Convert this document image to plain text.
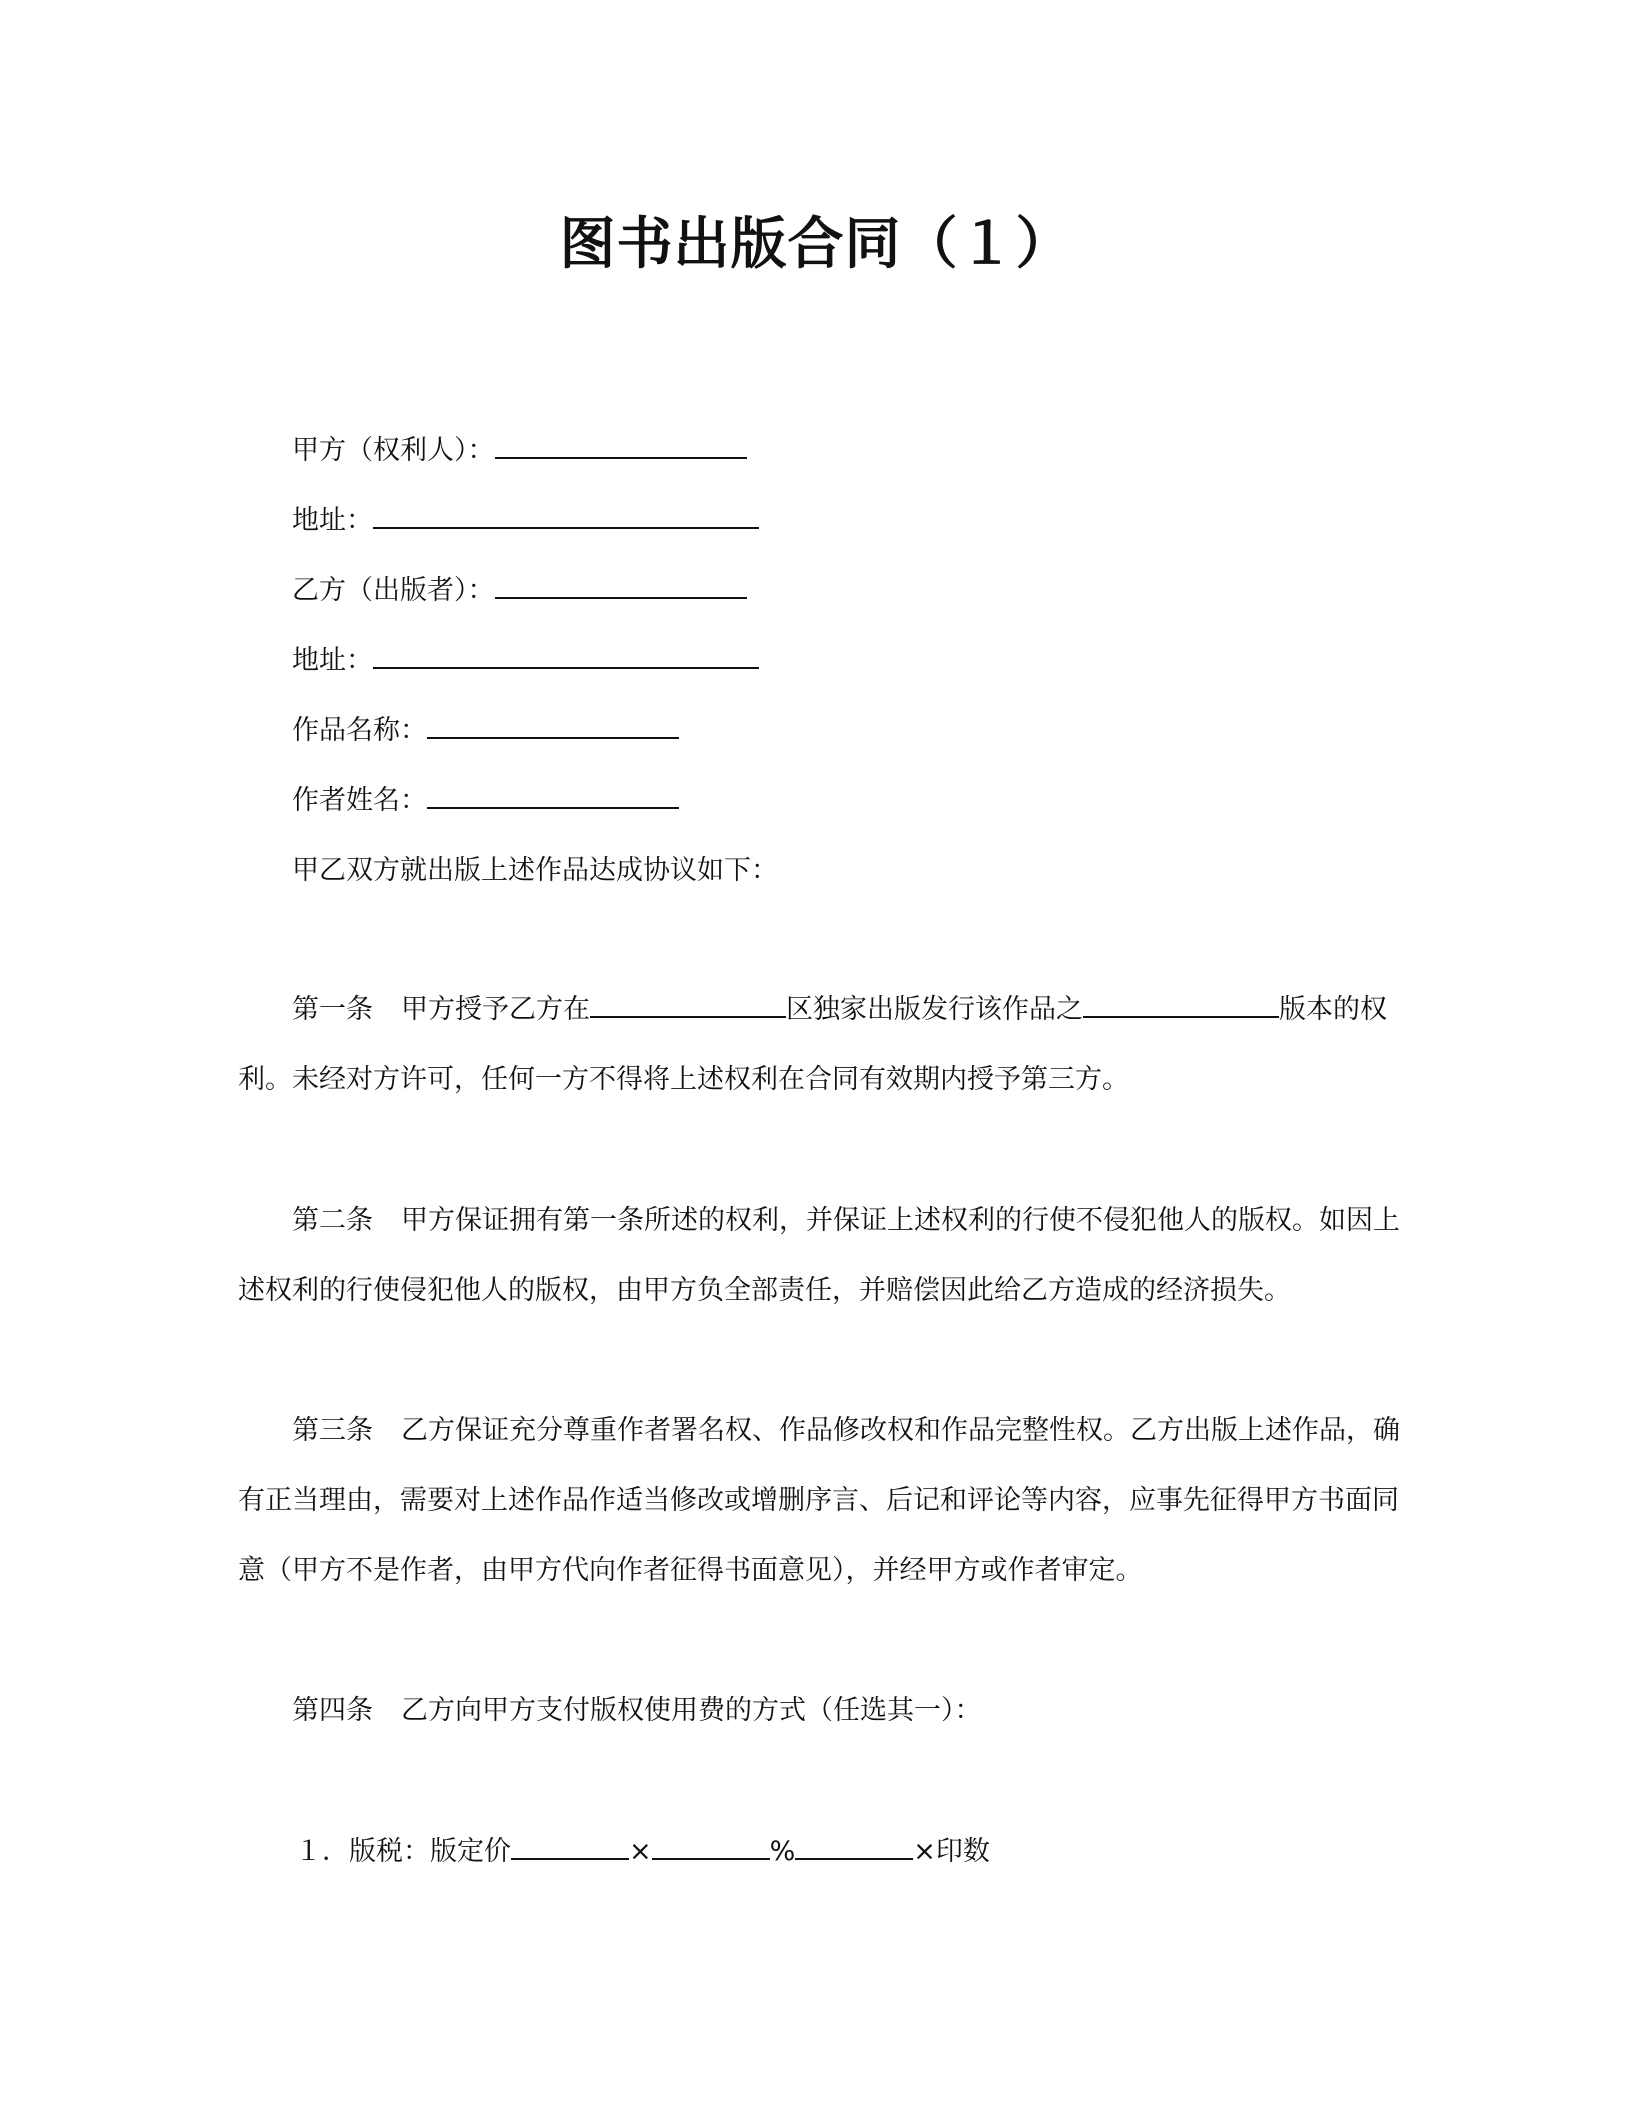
图书出版合同（１）
甲方（权利人）：
地址：
乙方（出版者）：
地址：
作品名称：
作者姓名：
甲乙双方就出版上述作品达成协议如下：
第一条 甲方授予乙方在	区独家出版发行该作品之	版本的权
利。未经对方许可，任何一方不得将上述权利在合同有效期内授予第三方。
第二条 甲方保证拥有第一条所述的权利，并保证上述权利的行使不侵犯他人的版权。如因上
述权利的行使侵犯他人的版权，由甲方负全部责任，并赔偿因此给乙方造成的经济损失。
第三条 乙方保证充分尊重作者署名权、作品修改权和作品完整性权。乙方出版上述作品，确
有正当理由，需要对上述作品作适当修改或增删序言、后记和评论等内容，应事先征得甲方书面同
意（甲方不是作者，由甲方代向作者征得书面意见），并经甲方或作者审定。
第四条 乙方向甲方支付版权使用费的方式（任选其一）：
１．版税：版定价	×	%	×印数
